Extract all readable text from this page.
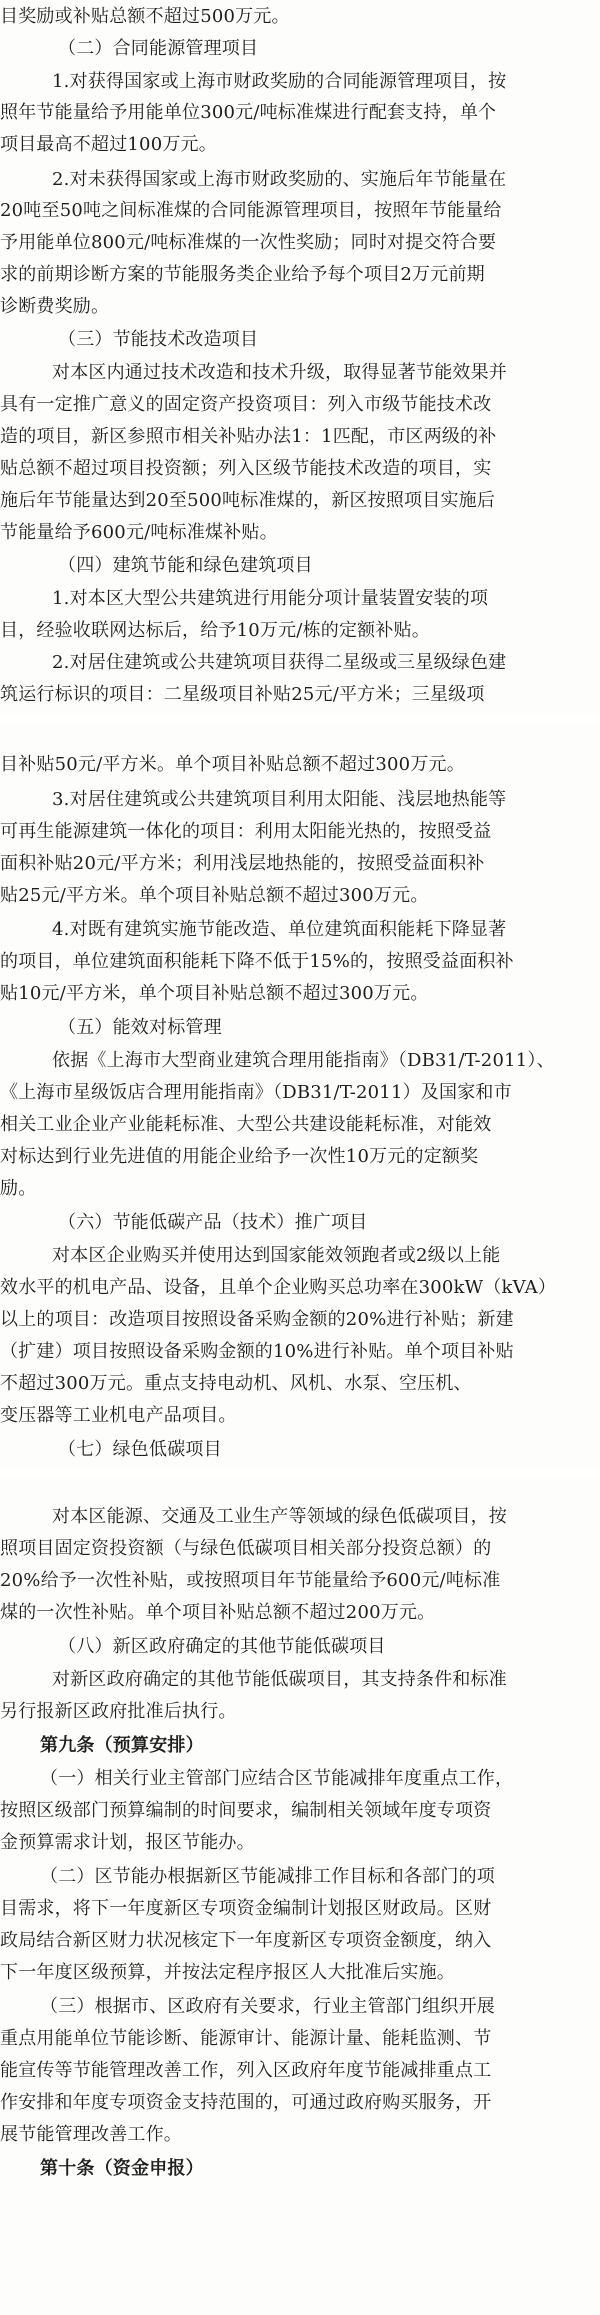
目奖励或补贴总额不超过500万元。

（二）合同能源管理项目

1.对获得国家或上海市财政奖励的合同能源管理项目，按

照年节能量给予用能单位300元/吨标准煤进行配套支持，单个

项目最高不超过100万元。

2.对未获得国家或上海市财政奖励的、实施后年节能量在

20吨至50吨之间标准煤的合同能源管理项目，按照年节能量给

予用能单位800元/吨标准煤的一次性奖励；同时对提交符合要

求的前期诊断方案的节能服务类企业给予每个项目2万元前期

诊断费奖励。

（三）节能技术改造项目

对本区内通过技术改造和技术升级，取得显著节能效果并

具有一定推广意义的固定资产投资项目：列入市级节能技术改

造的项目，新区参照市相关补贴办法1：1匹配，市区两级的补

贴总额不超过项目投资额；列入区级节能技术改造的项目，实

施后年节能量达到20至500吨标准煤的，新区按照项目实施后

节能量给予600元/吨标准煤补贴。

（四）建筑节能和绿色建筑项目

1.对本区大型公共建筑进行用能分项计量装置安装的项

目，经验收联网达标后，给予10万元/栋的定额补贴。

2.对居住建筑或公共建筑项目获得二星级或三星级绿色建

筑运行标识的项目：二星级项目补贴25元/平方米；三星级项

目补贴50元/平方米。单个项目补贴总额不超过300万元。

3.对居住建筑或公共建筑项目利用太阳能、浅层地热能等

可再生能源建筑一体化的项目：利用太阳能光热的，按照受益

面积补贴20元/平方米；利用浅层地热能的，按照受益面积补

贴25元/平方米。单个项目补贴总额不超过300万元。

4.对既有建筑实施节能改造、单位建筑面积能耗下降显著

的项目，单位建筑面积能耗下降不低于15%的，按照受益面积补

贴10元/平方米，单个项目补贴总额不超过300万元。

（五）能效对标管理

依据《上海市大型商业建筑合理用能指南》（DB31/T-2011）、

《上海市星级饭店合理用能指南》（DB31/T-2011）及国家和市

相关工业企业产业能耗标准、大型公共建设能耗标准，对能效

对标达到行业先进值的用能企业给予一次性10万元的定额奖

励。

（六）节能低碳产品（技术）推广项目

对本区企业购买并使用达到国家能效领跑者或2级以上能

效水平的机电产品、设备，且单个企业购买总功率在300kW（kVA）

以上的项目：改造项目按照设备采购金额的20%进行补贴；新建

（扩建）项目按照设备采购金额的10%进行补贴。单个项目补贴

不超过300万元。重点支持电动机、风机、水泵、空压机、

变压器等工业机电产品项目。

（七）绿色低碳项目

对本区能源、交通及工业生产等领域的绿色低碳项目，按

照项目固定资投资额（与绿色低碳项目相关部分投资总额）的

20%给予一次性补贴，或按照项目年节能量给予600元/吨标准

煤的一次性补贴。单个项目补贴总额不超过200万元。

（八）新区政府确定的其他节能低碳项目

对新区政府确定的其他节能低碳项目，其支持条件和标准

另行报新区政府批准后执行。

第九条（预算安排）

（一）相关行业主管部门应结合区节能减排年度重点工作，

按照区级部门预算编制的时间要求，编制相关领域年度专项资

金预算需求计划，报区节能办。

（二）区节能办根据新区节能减排工作目标和各部门的项

目需求，将下一年度新区专项资金编制计划报区财政局。区财

政局结合新区财力状况核定下一年度新区专项资金额度，纳入

下一年度区级预算，并按法定程序报区人大批准后实施。

（三）根据市、区政府有关要求，行业主管部门组织开展

重点用能单位节能诊断、能源审计、能源计量、能耗监测、节

能宣传等节能管理改善工作，列入区政府年度节能减排重点工

作安排和年度专项资金支持范围的，可通过政府购买服务，开

展节能管理改善工作。

第十条（资金申报）
